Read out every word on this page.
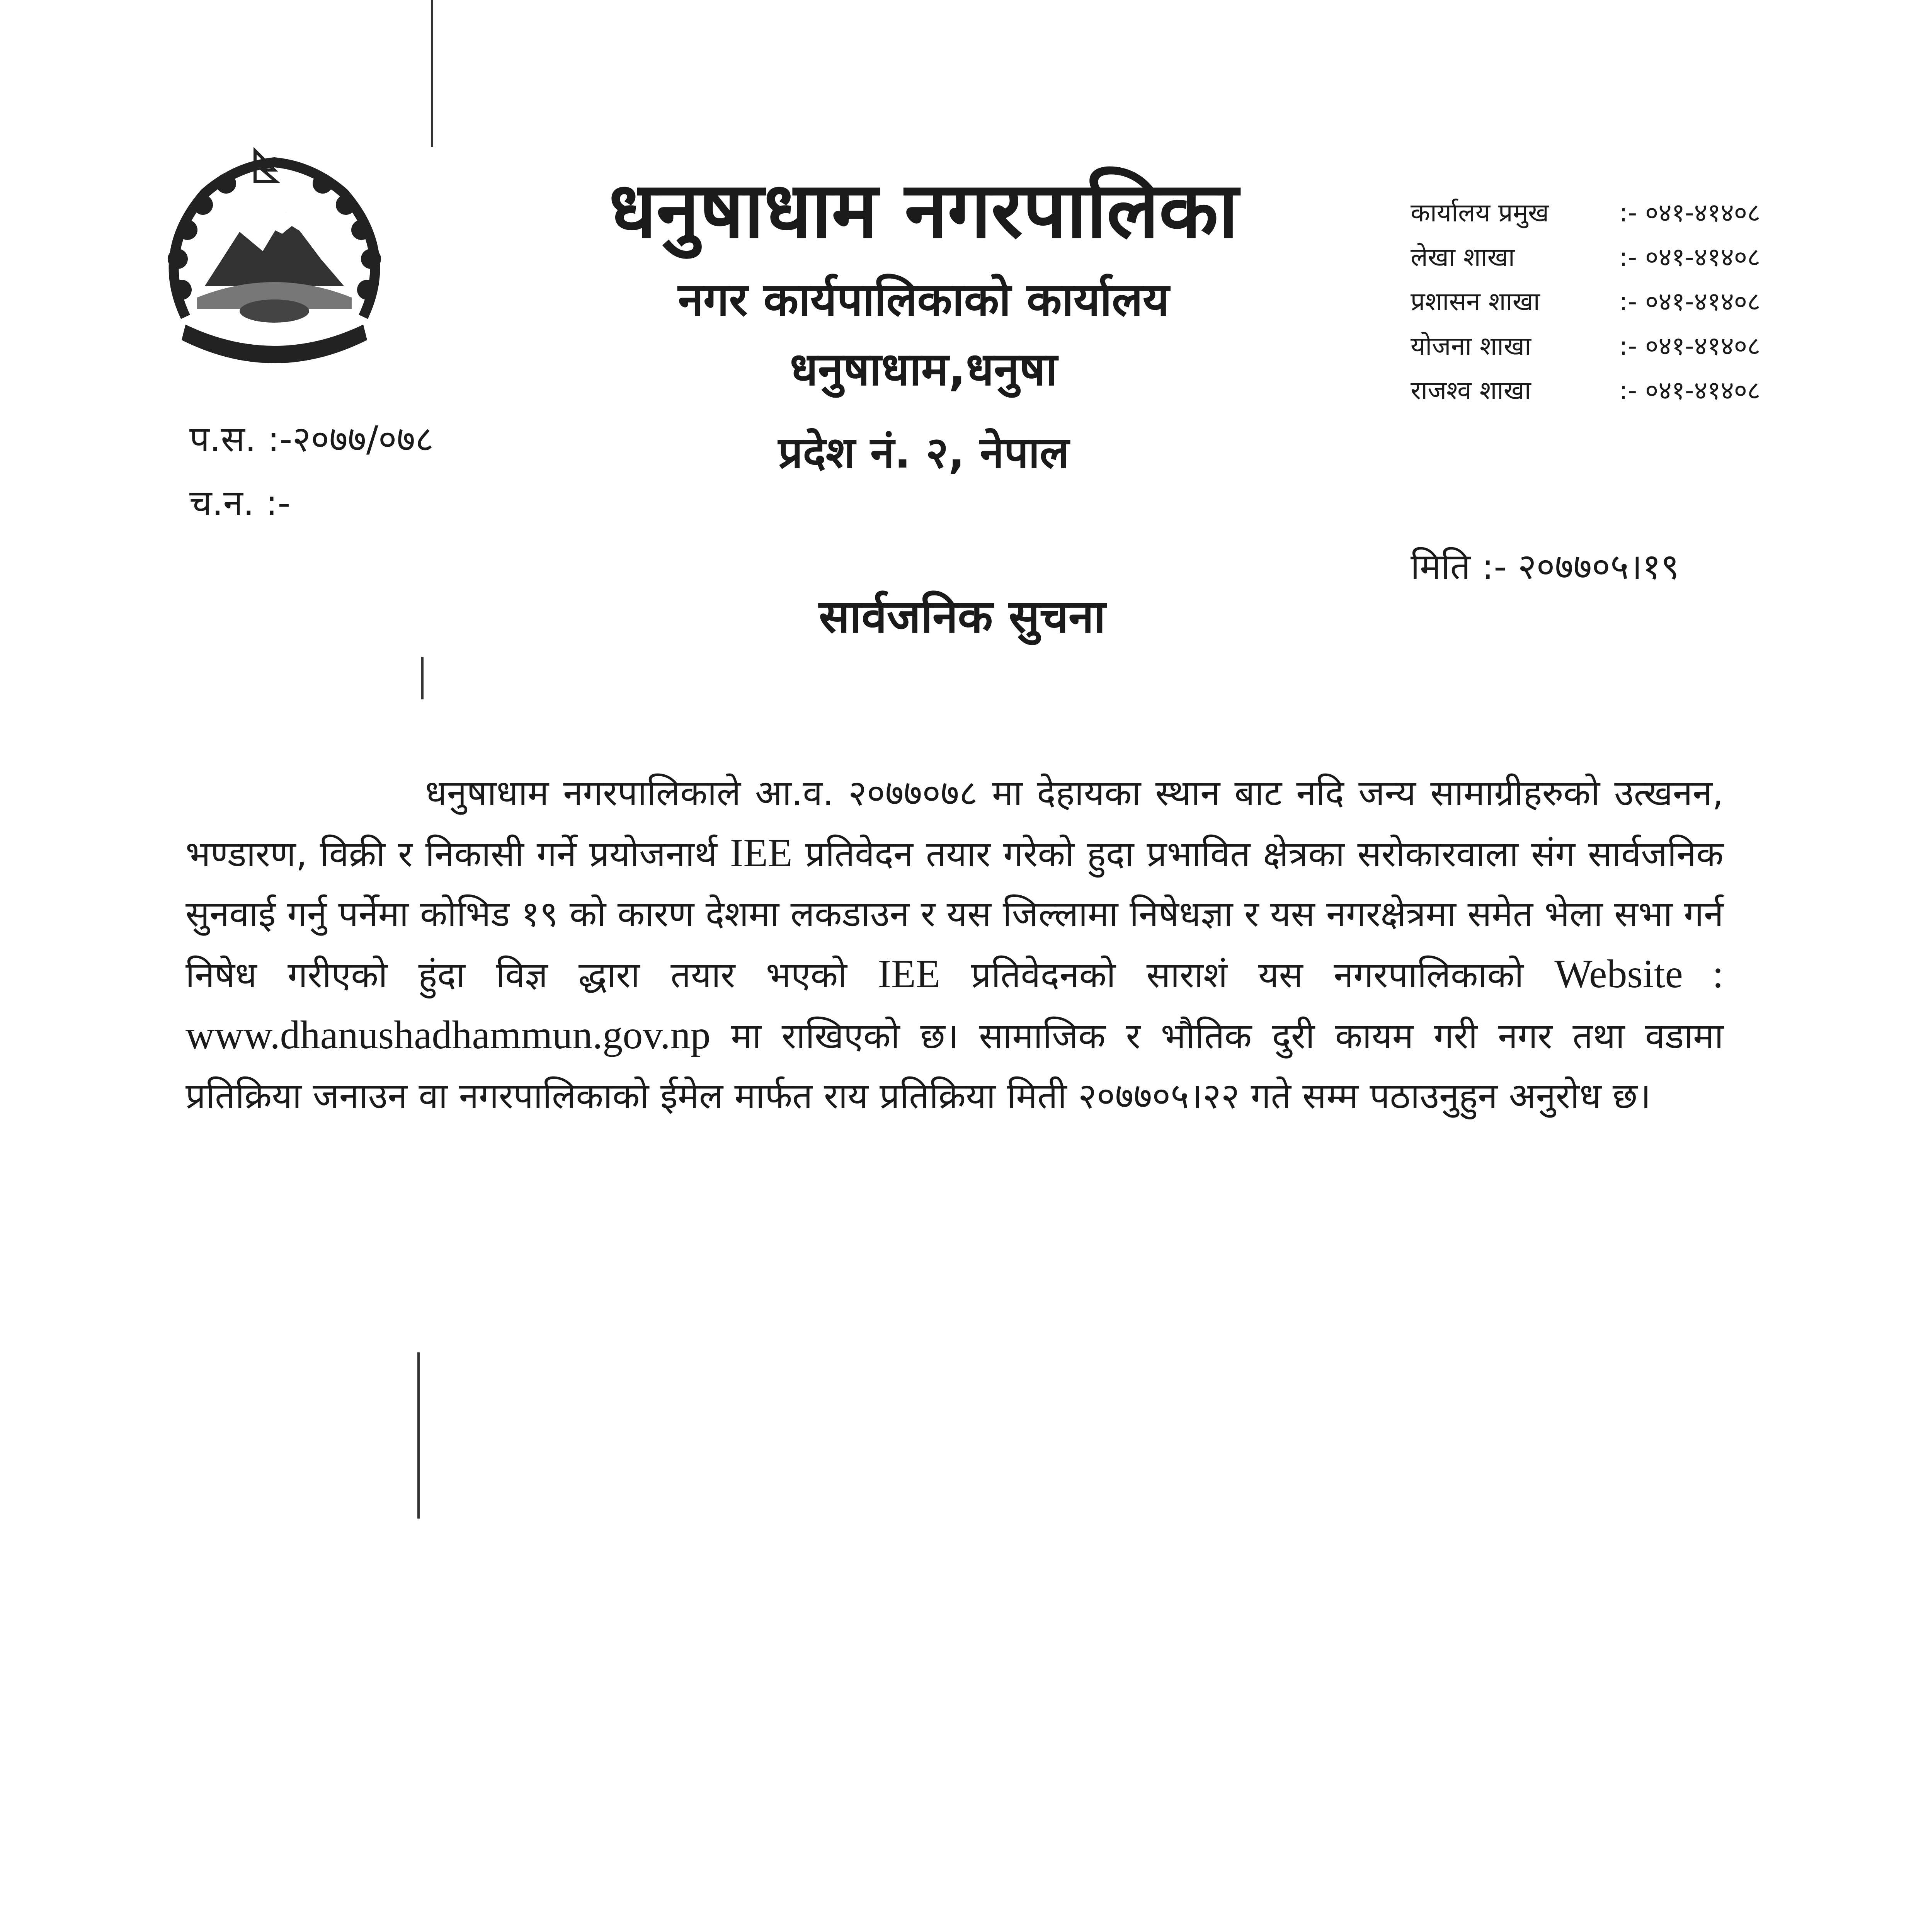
धनुषाधाम नगरपालिका
नगर कार्यपालिकाको कार्यालय
धनुषाधाम,धनुषा
प्रदेश नं. २, नेपाल
कार्यालय प्रमुख	:- ०४१-४१४०८
लेखा शाखा	:- ०४१-४१४०८
प्रशासन शाखा	:- ०४१-४१४०८
योजना शाखा	:- ०४१-४१४०८
राजश्व शाखा	:- ०४१-४१४०८
प.स. :-२०७७/०७८
च.न. :-
मिति :- २०७७०५।१९
सार्वजनिक सुचना

धनुषाधाम नगरपालिकाले आ.व. २०७७०७८ मा देहायका स्थान बाट नदि जन्य सामाग्रीहरुको उत्खनन, भण्डारण, विक्री र निकासी गर्ने प्रयोजनार्थ IEE प्रतिवेदन तयार गरेको हुदा प्रभावित क्षेत्रका सरोकारवाला संग सार्वजनिक सुनवाई गर्नु पर्नेमा कोभिड १९ को कारण देशमा लकडाउन र यस जिल्लामा निषेधज्ञा र यस नगरक्षेत्रमा समेत भेला सभा गर्न निषेध गरीएको हुंदा विज्ञ द्धारा तयार भएको IEE प्रतिवेदनको साराशं यस नगरपालिकाको Website : www.dhanushadhammun.gov.np मा राखिएको छ। सामाजिक र भौतिक दुरी कायम गरी नगर तथा वडामा प्रतिक्रिया जनाउन वा नगरपालिकाको ईमेल मार्फत राय प्रतिक्रिया मिती २०७७०५।२२ गते सम्म पठाउनुहुन अनुरोध छ।
